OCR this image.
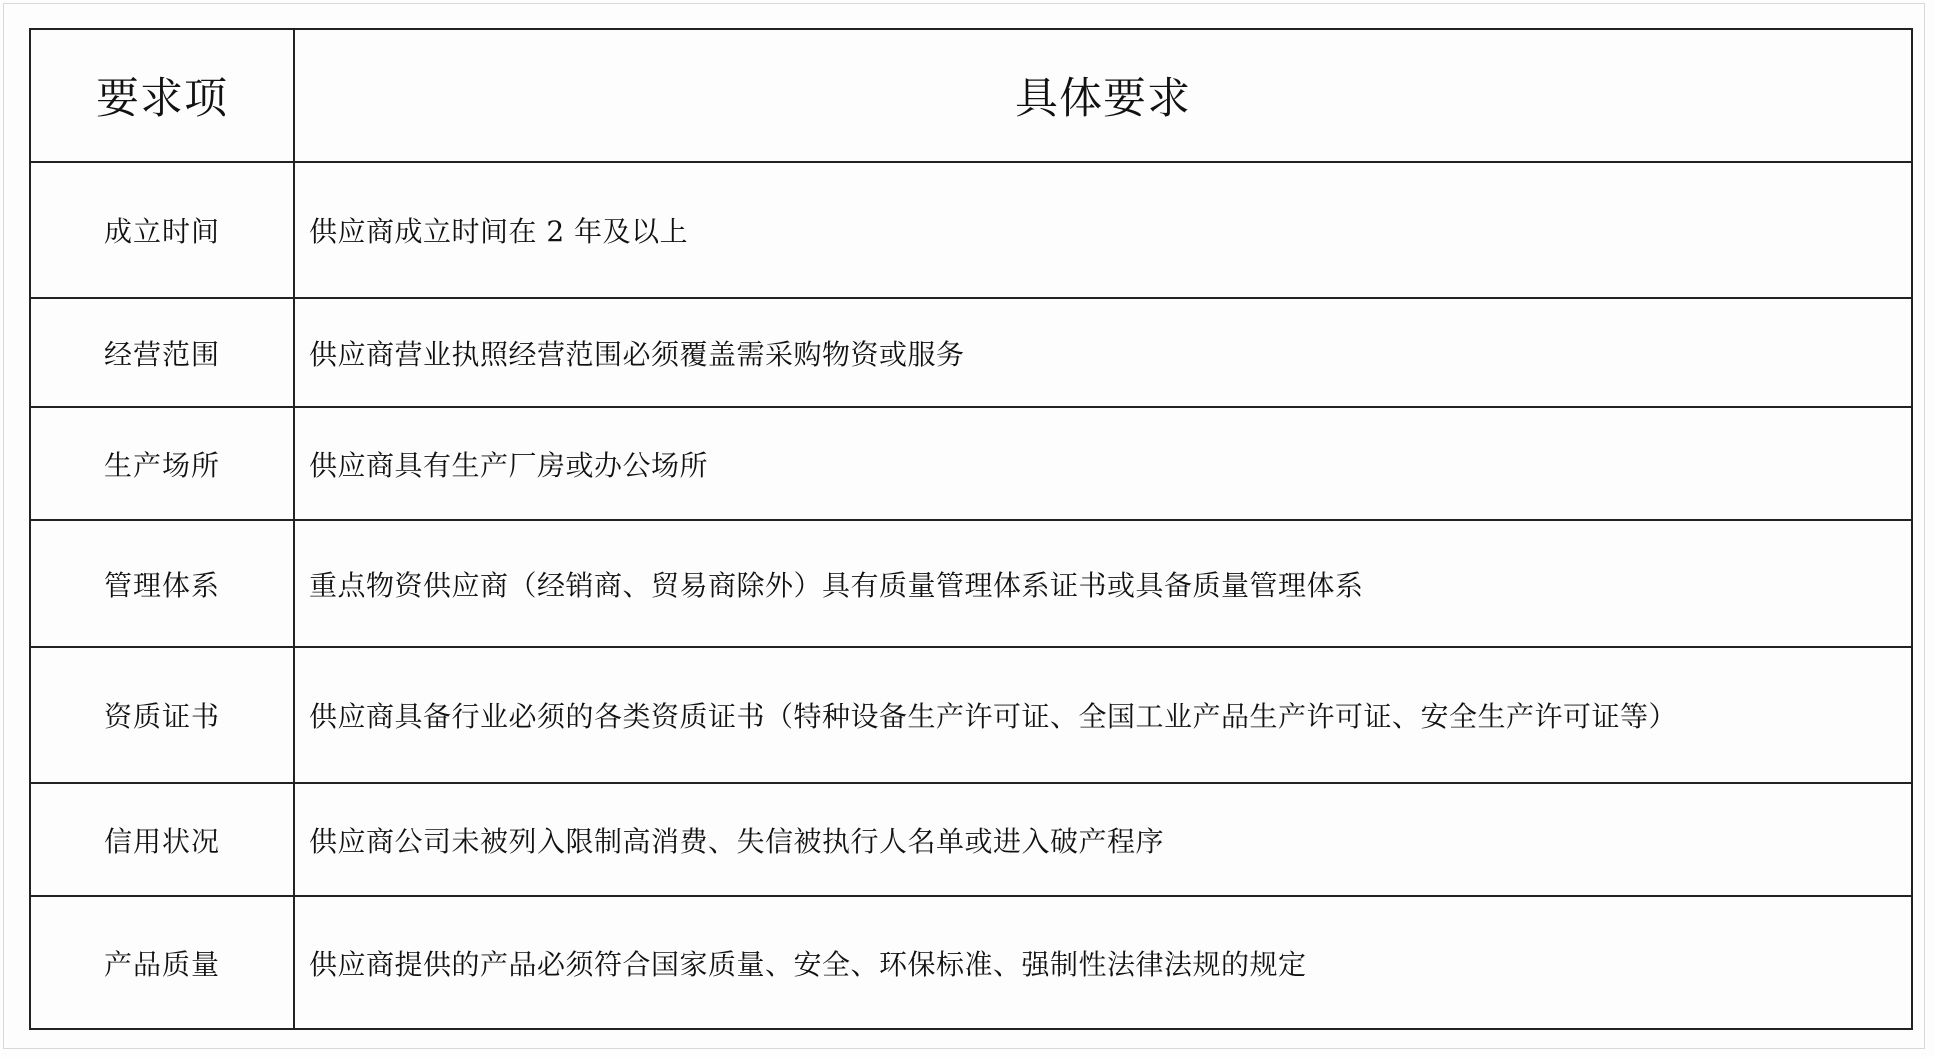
要求项	具体要求
成立时间	供应商成立时间在 2 年及以上
经营范围	供应商营业执照经营范围必须覆盖需采购物资或服务
生产场所	供应商具有生产厂房或办公场所
管理体系	重点物资供应商（经销商、贸易商除外）具有质量管理体系证书或具备质量管理体系
资质证书	供应商具备行业必须的各类资质证书（特种设备生产许可证、全国工业产品生产许可证、安全生产许可证等）
信用状况	供应商公司未被列入限制高消费、失信被执行人名单或进入破产程序
产品质量	供应商提供的产品必须符合国家质量、安全、环保标准、强制性法律法规的规定
